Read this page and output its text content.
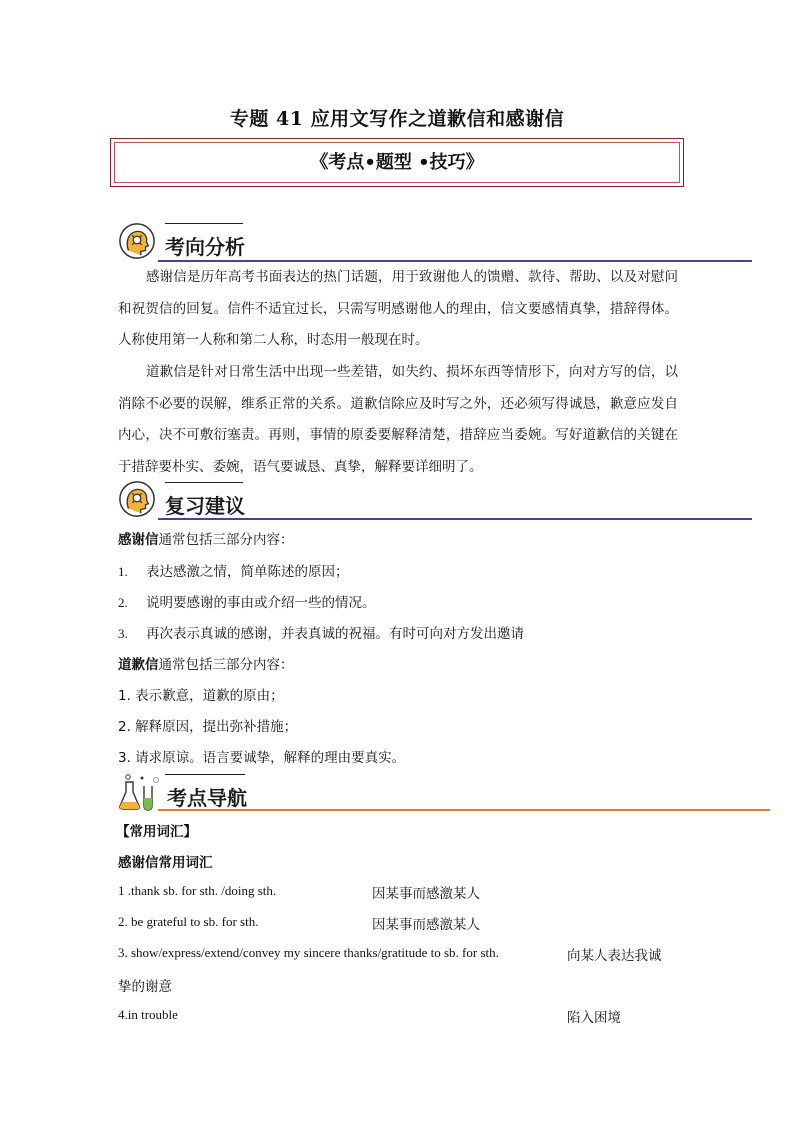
专题 41 应用文写作之道歉信和感谢信
《考点•题型 •技巧》
考向分析
感谢信是历年高考书面表达的热门话题，用于致谢他人的馈赠、款待、帮助、以及对慰问和祝贺信的回复。信件不适宜过长，只需写明感谢他人的理由，信文要感情真挚，措辞得体。人称使用第一人称和第二人称，时态用一般现在时。
道歉信是针对日常生活中出现一些差错，如失约、损坏东西等情形下，向对方写的信，以消除不必要的误解，维系正常的关系。道歉信除应及时写之外，还必须写得诚恳，歉意应发自内心，决不可敷衍塞责。再则，事情的原委要解释清楚，措辞应当委婉。写好道歉信的关键在于措辞要朴实、委婉，语气要诚恳、真挚，解释要详细明了。
复习建议
感谢信通常包括三部分内容：
1. 表达感激之情，简单陈述的原因；
2. 说明要感谢的事由或介绍一些的情况。
3. 再次表示真诚的感谢，并表真诚的祝福。有时可向对方发出邀请
道歉信通常包括三部分内容：
1. 表示歉意，道歉的原由；
2. 解释原因，提出弥补措施；
3. 请求原谅。语言要诚挚，解释的理由要真实。
考点导航
【常用词汇】
感谢信常用词汇
1 .thank sb. for sth. /doing sth.	因某事而感激某人
2. be grateful to sb. for sth.	因某事而感激某人
3. show/express/extend/convey my sincere thanks/gratitude to sb. for sth.	向某人表达我诚
挚的谢意
4.in trouble	陷入困境
